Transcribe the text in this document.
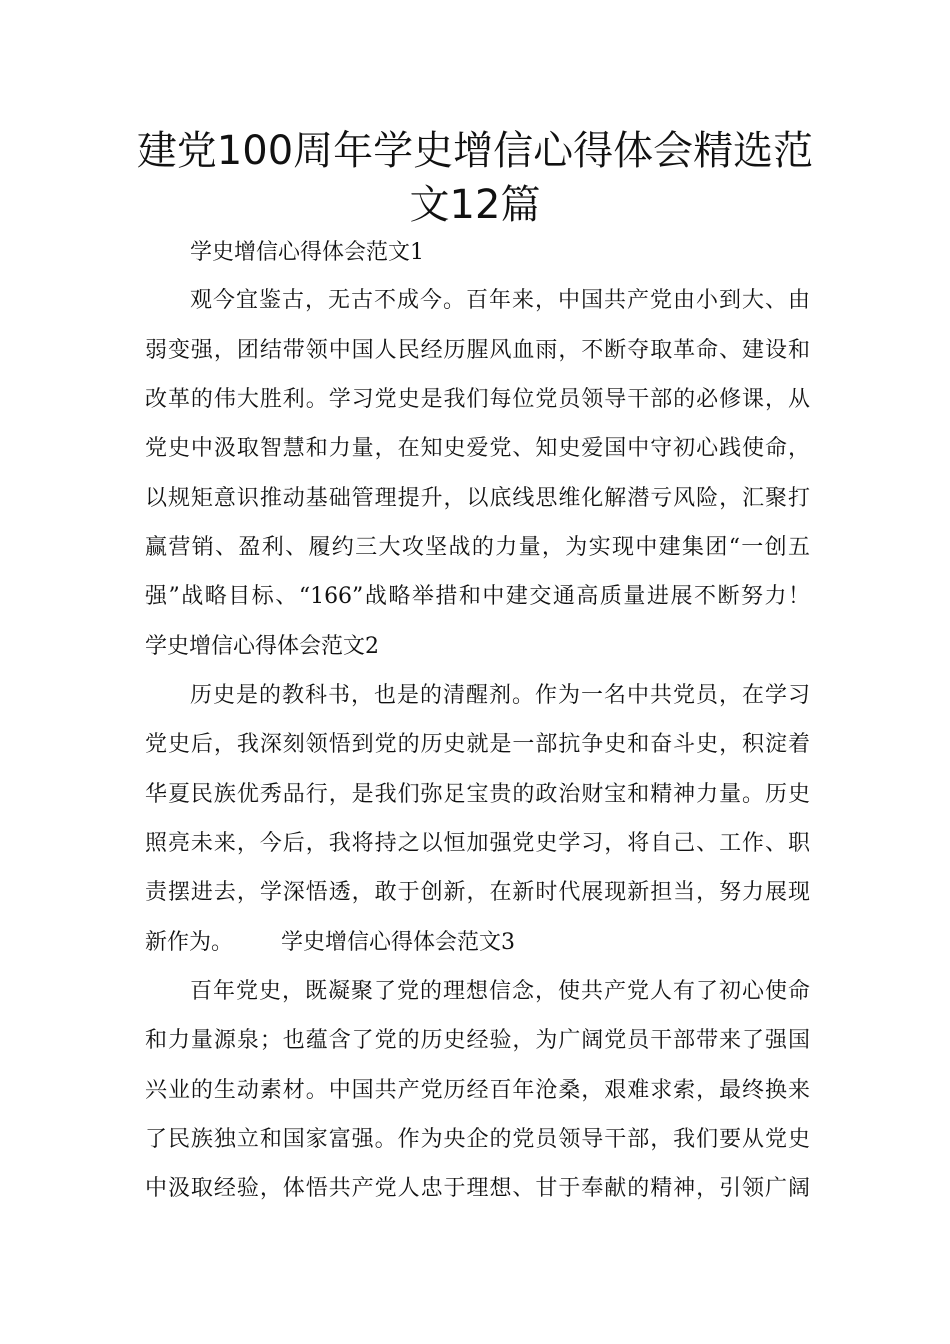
建党100周年学史增信心得体会精选范
文12篇
学史增信心得体会范文1
观今宜鉴古，无古不成今。百年来，中国共产党由小到大、由
弱变强，团结带领中国人民经历腥风血雨，不断夺取革命、建设和
改革的伟大胜利。学习党史是我们每位党员领导干部的必修课，从
党史中汲取智慧和力量，在知史爱党、知史爱国中守初心践使命，
以规矩意识推动基础管理提升，以底线思维化解潜亏风险，汇聚打
赢营销、盈利、履约三大攻坚战的力量，为实现中建集团“一创五
强”战略目标、“166”战略举措和中建交通高质量进展不断努力！
学史增信心得体会范文2
历史是的教科书，也是的清醒剂。作为一名中共党员，在学习
党史后，我深刻领悟到党的历史就是一部抗争史和奋斗史，积淀着
华夏民族优秀品行，是我们弥足宝贵的政治财宝和精神力量。历史
照亮未来，今后，我将持之以恒加强党史学习，将自己、工作、职
责摆进去，学深悟透，敢于创新，在新时代展现新担当，努力展现
新作为。 学史增信心得体会范文3
百年党史，既凝聚了党的理想信念，使共产党人有了初心使命
和力量源泉；也蕴含了党的历史经验，为广阔党员干部带来了强国
兴业的生动素材。中国共产党历经百年沧桑，艰难求索，最终换来
了民族独立和国家富强。作为央企的党员领导干部，我们要从党史
中汲取经验，体悟共产党人忠于理想、甘于奉献的精神，引领广阔
